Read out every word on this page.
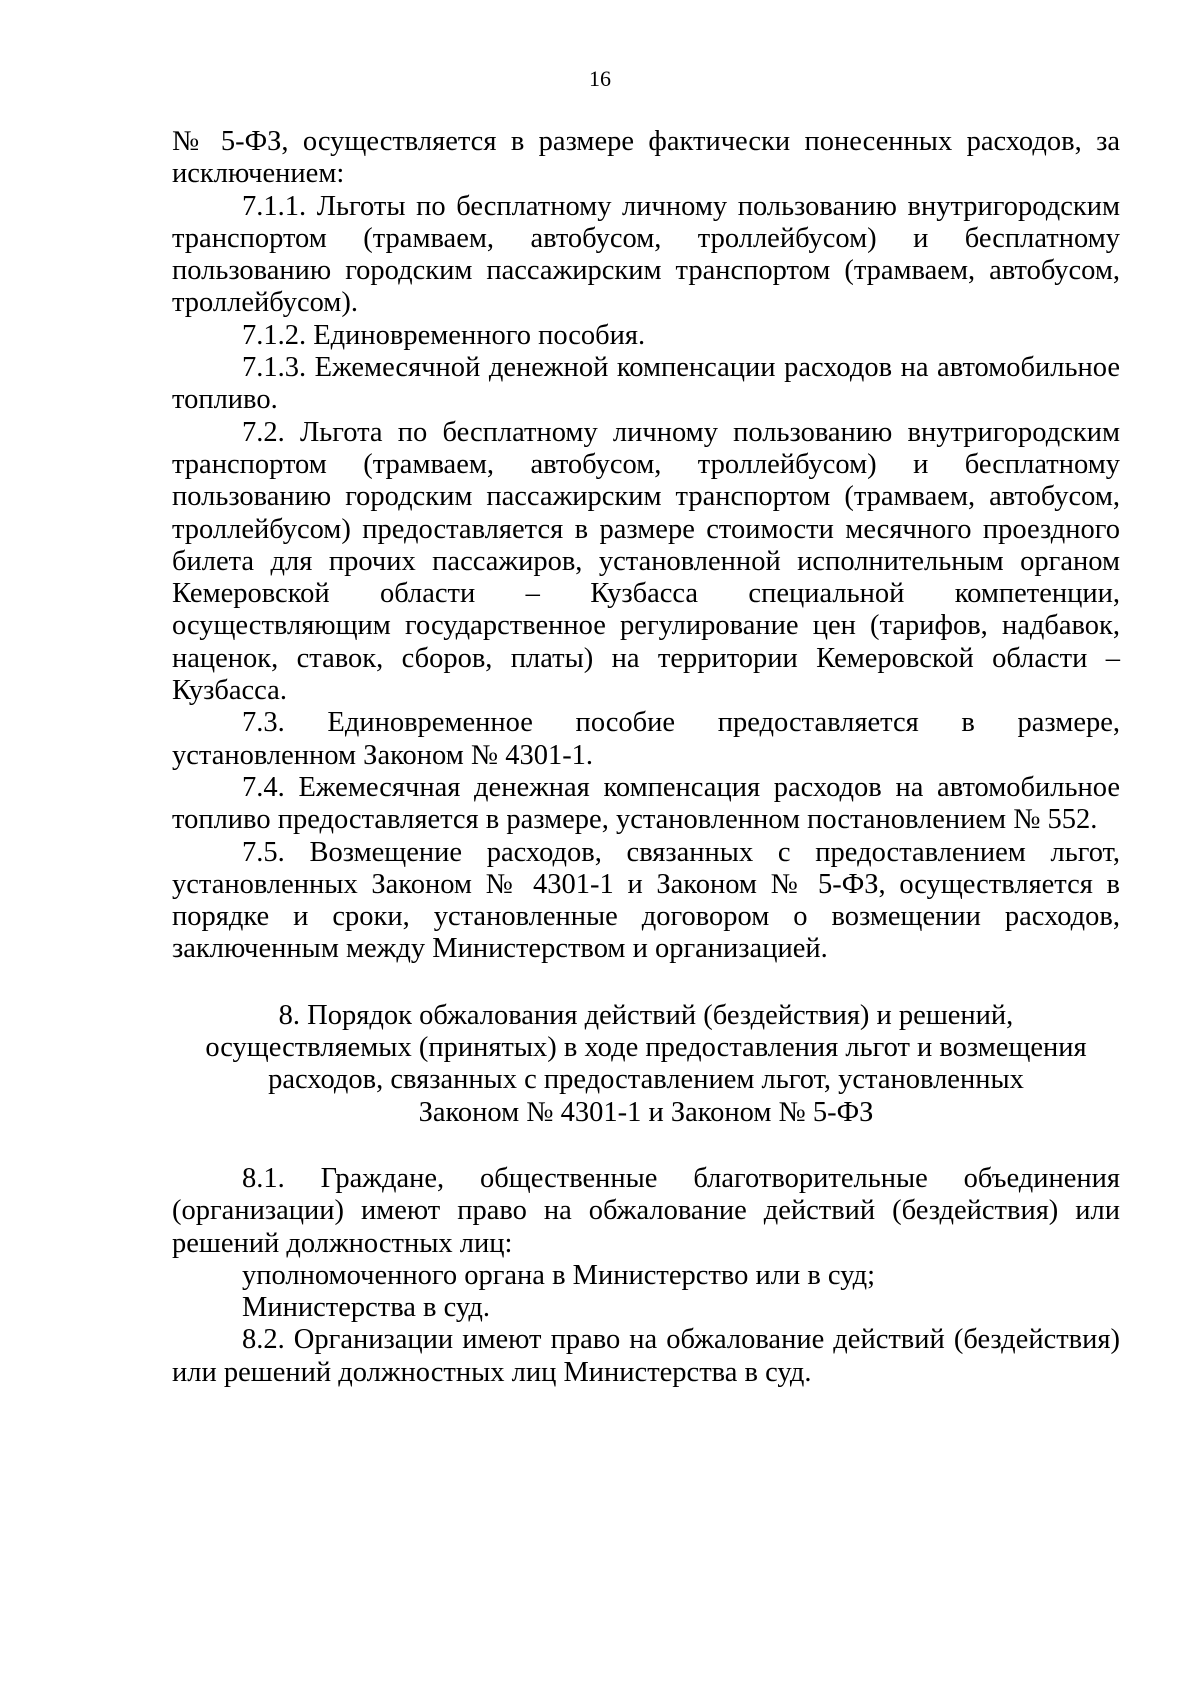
16

№ 5-ФЗ, осуществляется в размере фактически понесенных расходов, за исключением:

7.1.1. Льготы по бесплатному личному пользованию внутригородским транспортом (трамваем, автобусом, троллейбусом) и бесплатному пользованию городским пассажирским транспортом (трамваем, автобусом, троллейбусом).

7.1.2. Единовременного пособия.

7.1.3. Ежемесячной денежной компенсации расходов на автомобильное топливо.

7.2. Льгота по бесплатному личному пользованию внутригородским транспортом (трамваем, автобусом, троллейбусом) и бесплатному пользованию городским пассажирским транспортом (трамваем, автобусом, троллейбусом) предоставляется в размере стоимости месячного проездного билета для прочих пассажиров, установленной исполнительным органом Кемеровской области – Кузбасса специальной компетенции, осуществляющим государственное регулирование цен (тарифов, надбавок, наценок, ставок, сборов, платы) на территории Кемеровской области – Кузбасса.

7.3. Единовременное пособие предоставляется в размере, установленном Законом № 4301-1.

7.4. Ежемесячная денежная компенсация расходов на автомобильное топливо предоставляется в размере, установленном постановлением № 552.

7.5. Возмещение расходов, связанных с предоставлением льгот, установленных Законом № 4301-1 и Законом № 5-ФЗ, осуществляется в порядке и сроки, установленные договором о возмещении расходов, заключенным между Министерством и организацией.

8. Порядок обжалования действий (бездействия) и решений,
осуществляемых (принятых) в ходе предоставления льгот и возмещения
расходов, связанных с предоставлением льгот, установленных
Законом № 4301-1 и Законом № 5-ФЗ

8.1. Граждане, общественные благотворительные объединения (организации) имеют право на обжалование действий (бездействия) или решений должностных лиц:

уполномоченного органа в Министерство или в суд;

Министерства в суд.

8.2. Организации имеют право на обжалование действий (бездействия) или решений должностных лиц Министерства в суд.
